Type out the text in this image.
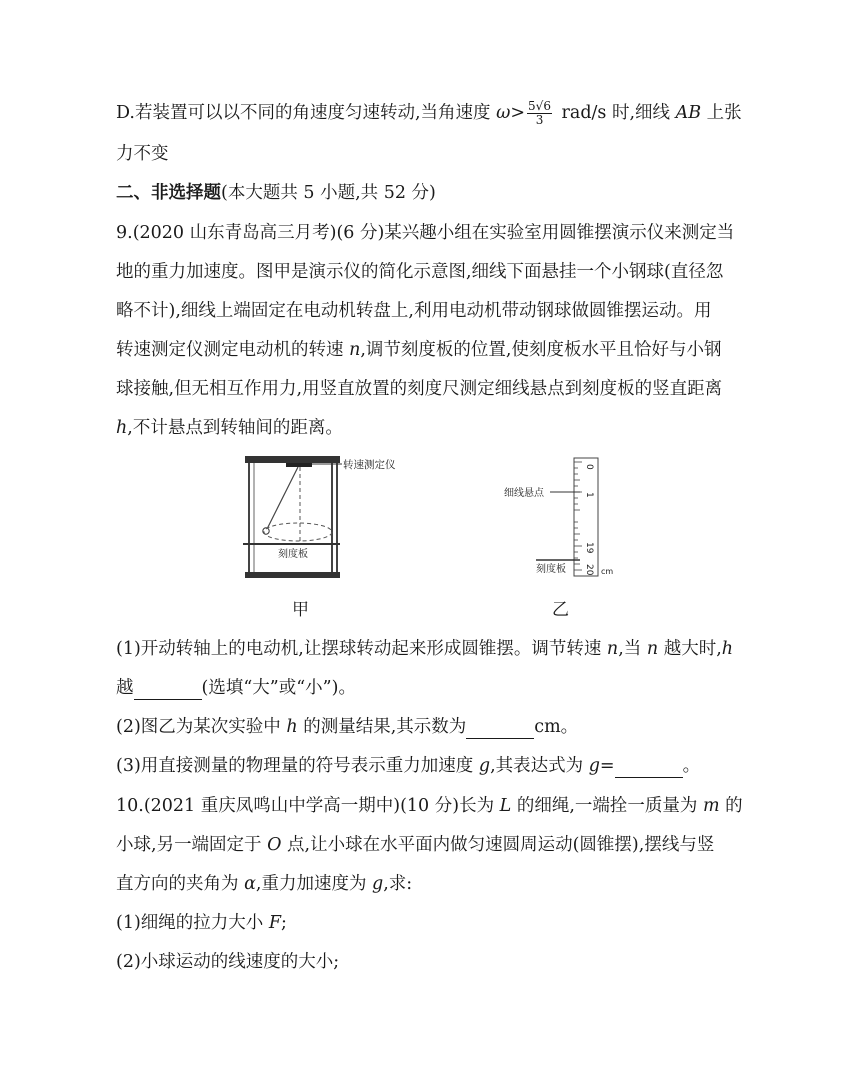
D.若装置可以以不同的角速度匀速转动,当角速度 $\omega> \frac{5√6}{3} rad/s$ 时,细线 AB 上张
力不变
二、非选择题(本大题共 5 小题,共 52 分)
9.(2020 山东青岛高三月考)(6 分)某兴趣小组在实验室用圆锥摆演示仪来测定当
地的重力加速度。图甲是演示仪的简化示意图,细线下面悬挂一个小钢球(直径忽
略不计),细线上端固定在电动机转盘上,利用电动机带动钢球做圆锥摆运动。用
转速测定仪测定电动机的转速 n,调节刻度板的位置,使刻度板水平且恰好与小钢
球接触,但无相互作用力,用竖直放置的刻度尺测定细线悬点到刻度板的竖直距离
h,不计悬点到转轴间的距离。
转速测定仪
刻度板
甲
0
1
19
20
细线悬点
刻度板	cm
乙
(1)开动转轴上的电动机,让摆球转动起来形成圆锥摆。调节转速 n,当 n 越大时,h
越	(选填“大”或“小”)。
(2)图乙为某次实验中 h 的测量结果,其示数为	cm。
(3)用直接测量的物理量的符号表示重力加速度 g,其表达式为 g=	。
10.(2021 重庆凤鸣山中学高一期中)(10 分)长为 L 的细绳,一端拴一质量为 m 的
小球,另一端固定于 O 点,让小球在水平面内做匀速圆周运动(圆锥摆),摆线与竖
直方向的夹角为 α,重力加速度为 g,求:
(1)细绳的拉力大小 F;
(2)小球运动的线速度的大小;
